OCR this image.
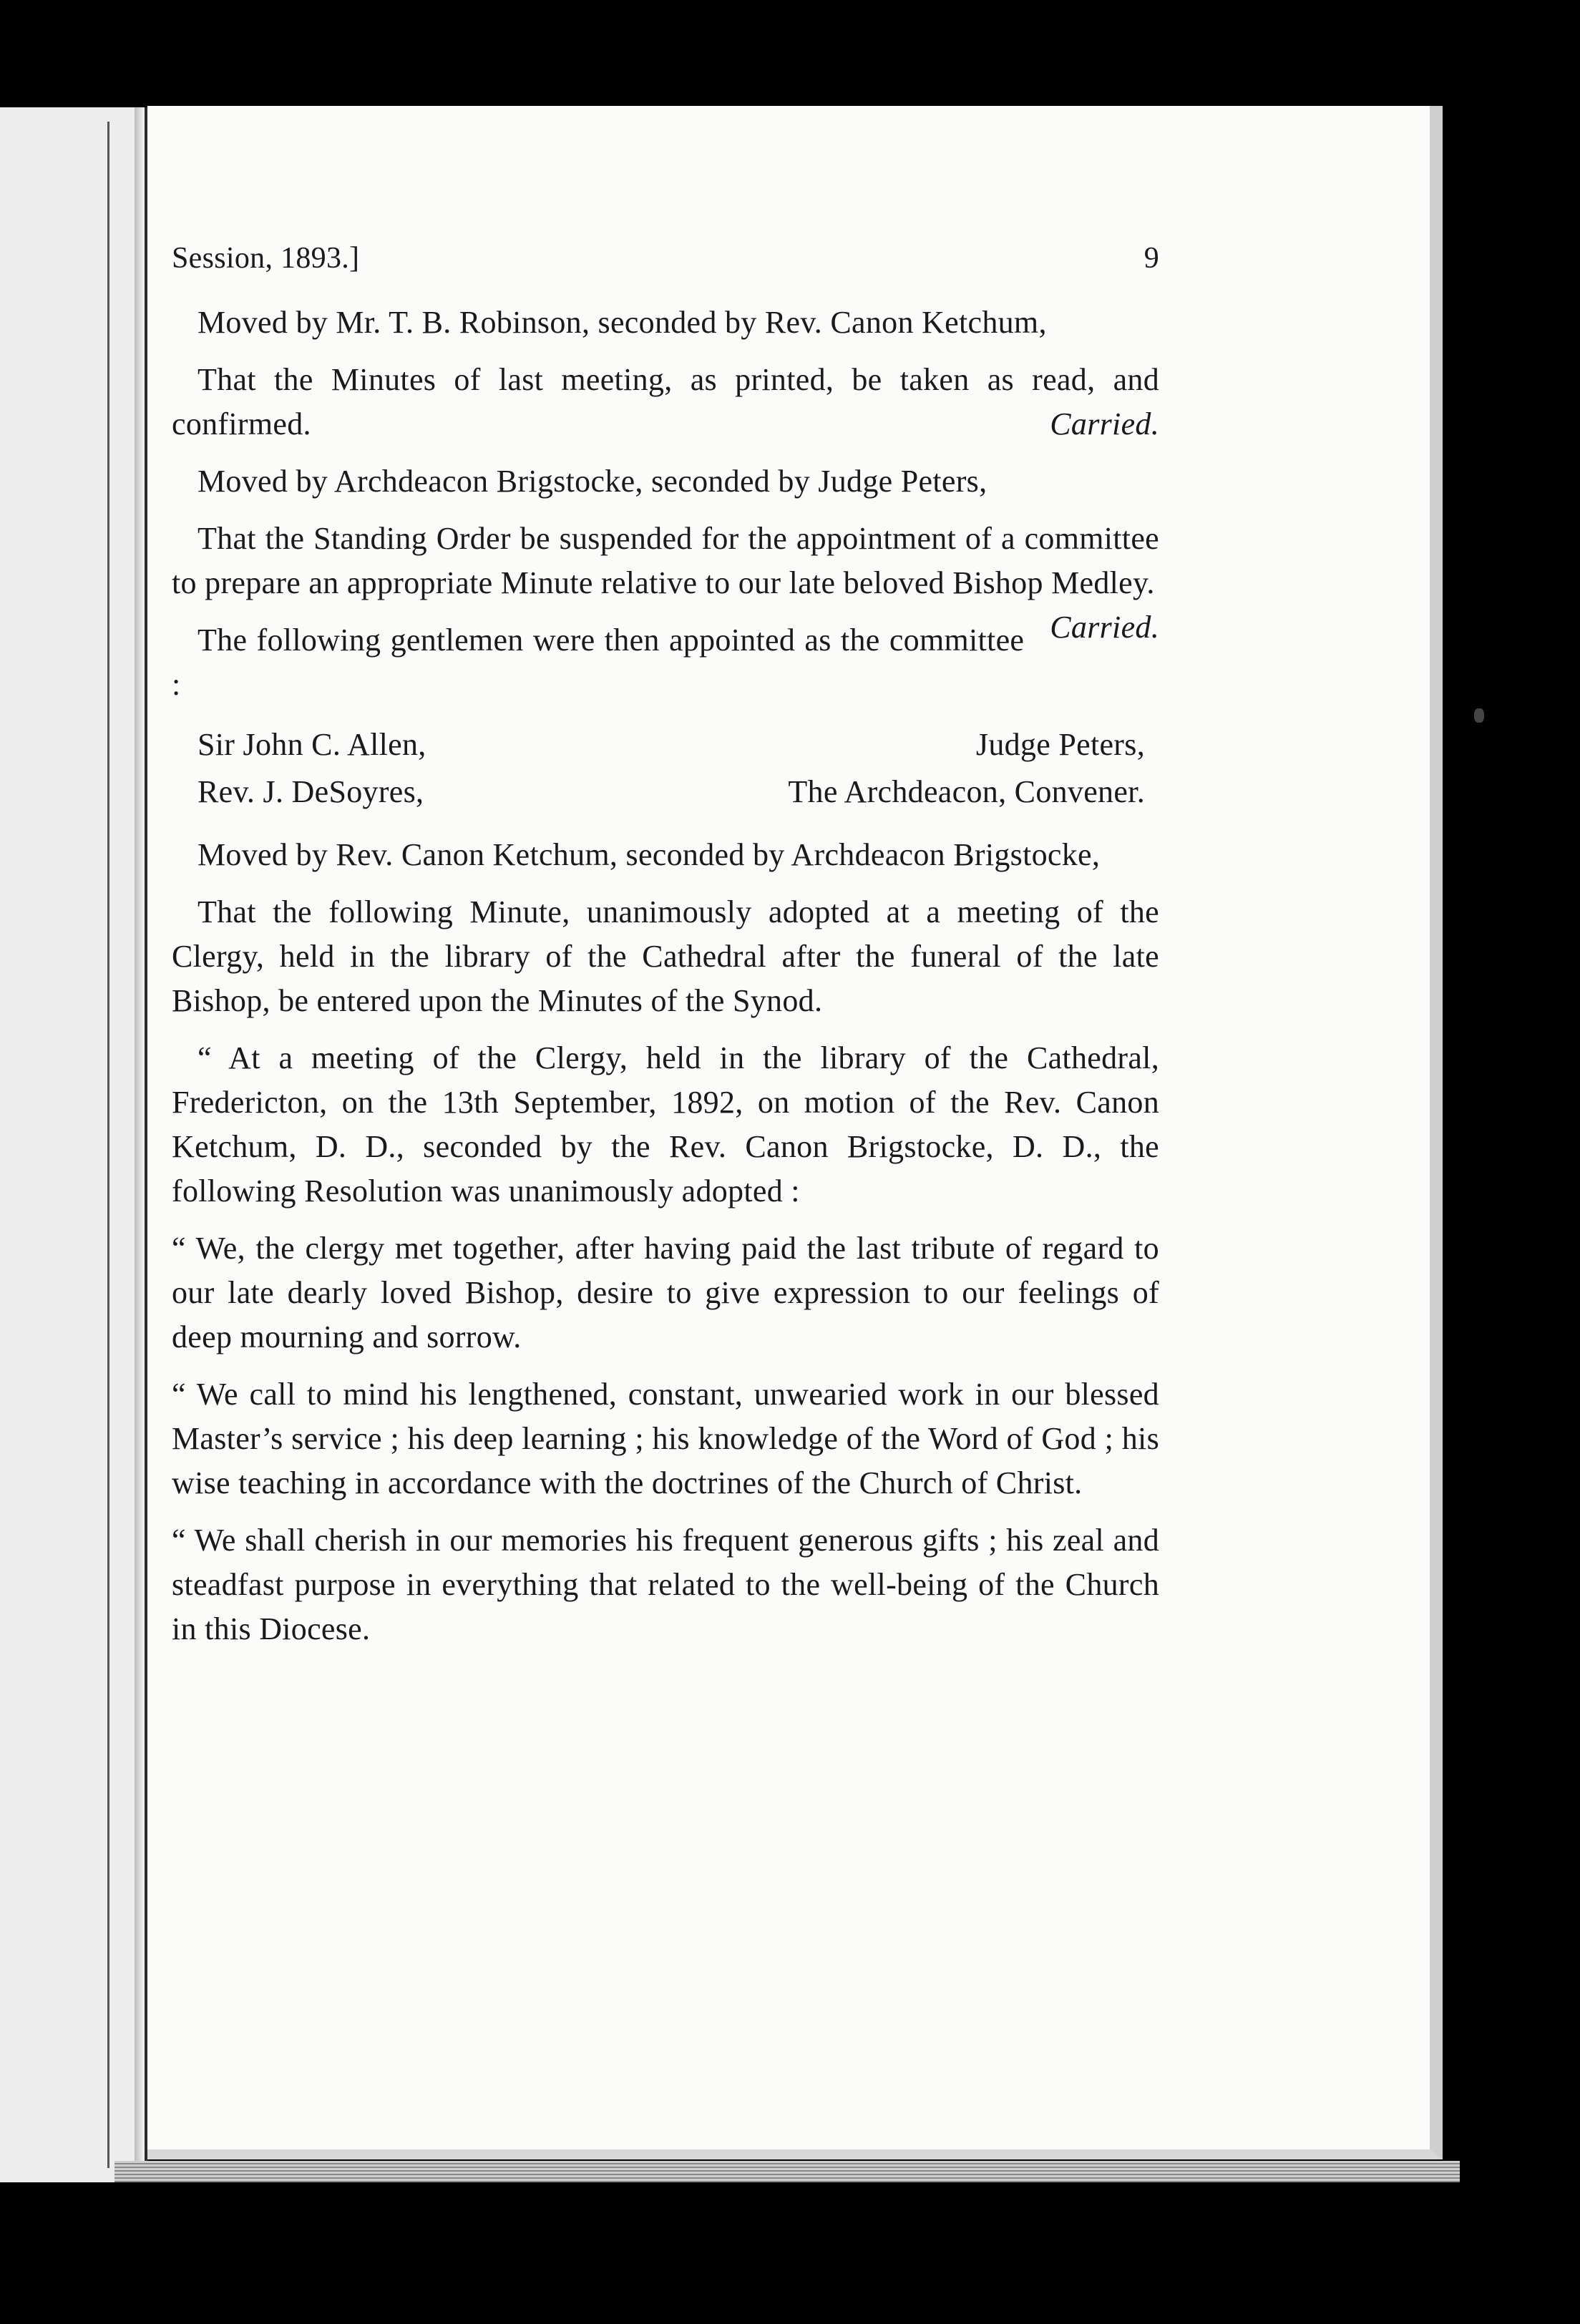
Session, 1893.]	9

Moved by Mr. T. B. Robinson, seconded by Rev. Canon Ketchum,

That the Minutes of last meeting, as printed, be taken as read, and confirmed.	Carried.

Moved by Archdeacon Brigstocke, seconded by Judge Peters,

That the Standing Order be suspended for the appointment of a committee to prepare an appropriate Minute relative to our late beloved Bishop Medley.
Carried.

The following gentlemen were then appointed as the committee :

Sir John C. Allen,	Judge Peters,
Rev. J. DeSoyres,	The Archdeacon, Convener.

Moved by Rev. Canon Ketchum, seconded by Archdeacon Brigstocke,

That the following Minute, unanimously adopted at a meeting of the Clergy, held in the library of the Cathedral after the funeral of the late Bishop, be entered upon the Minutes of the Synod.

“ At a meeting of the Clergy, held in the library of the Cathedral, Fredericton, on the 13th September, 1892, on motion of the Rev. Canon Ketchum, D. D., seconded by the Rev. Canon Brigstocke, D. D., the following Resolution was unanimously adopted :

“ We, the clergy met together, after having paid the last tribute of regard to our late dearly loved Bishop, desire to give expression to our feelings of deep mourning and sorrow.

“ We call to mind his lengthened, constant, unwearied work in our blessed Master’s service ; his deep learning ; his knowledge of the Word of God ; his wise teaching in accordance with the doctrines of the Church of Christ.

“ We shall cherish in our memories his frequent generous gifts ; his zeal and steadfast purpose in everything that related to the well-being of the Church in this Diocese.
